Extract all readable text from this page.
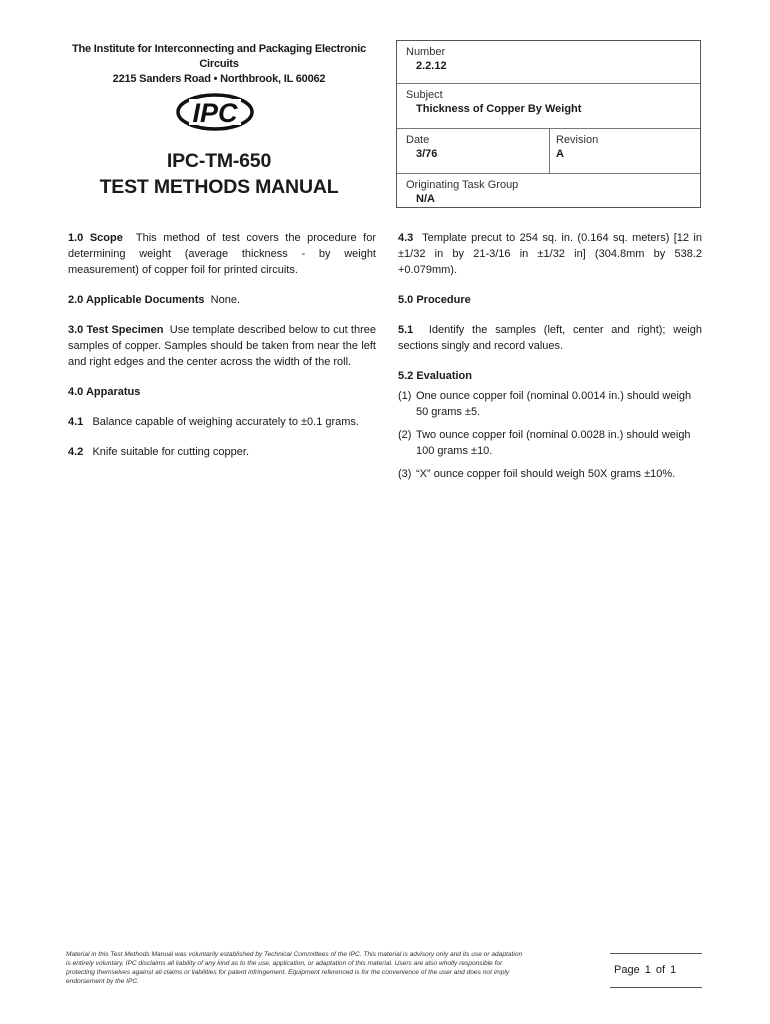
The Institute for Interconnecting and Packaging Electronic Circuits
2215 Sanders Road • Northbrook, IL 60062
IPC
IPC-TM-650
TEST METHODS MANUAL
Number
2.2.12
Subject
Thickness of Copper By Weight
Date
3/76
Revision
A
Originating Task Group
N/A

1.0 Scope This method of test covers the procedure for determining weight (average thickness - by weight measurement) of copper foil for printed circuits.

2.0 Applicable Documents None.

3.0 Test Specimen Use template described below to cut three samples of copper. Samples should be taken from near the left and right edges and the center across the width of the roll.

4.0 Apparatus

4.1 Balance capable of weighing accurately to ±0.1 grams.

4.2 Knife suitable for cutting copper.

4.3 Template precut to 254 sq. in. (0.164 sq. meters) [12 in ±1/32 in by 21-3/16 in ±1/32 in] (304.8mm by 538.2 +0.079mm).

5.0 Procedure

5.1 Identify the samples (left, center and right); weigh sections singly and record values.

5.2 Evaluation

(1) One ounce copper foil (nominal 0.0014 in.) should weigh 50 grams ±5.
(2) Two ounce copper foil (nominal 0.0028 in.) should weigh 100 grams ±10.
(3) “X” ounce copper foil should weigh 50X grams ±10%.
Material in this Test Methods Manual was voluntarily established by Technical Committees of the IPC. This material is advisory only and its use or adaptation is entirely voluntary. IPC disclaims all liability of any kind as to the use, application, or adaptation of this material. Users are also wholly responsible for protecting themselves against all claims or liabilities for patent infringement. Equipment referenced is for the convenience of the user and does not imply endorsement by the IPC.
Page 1 of 1
